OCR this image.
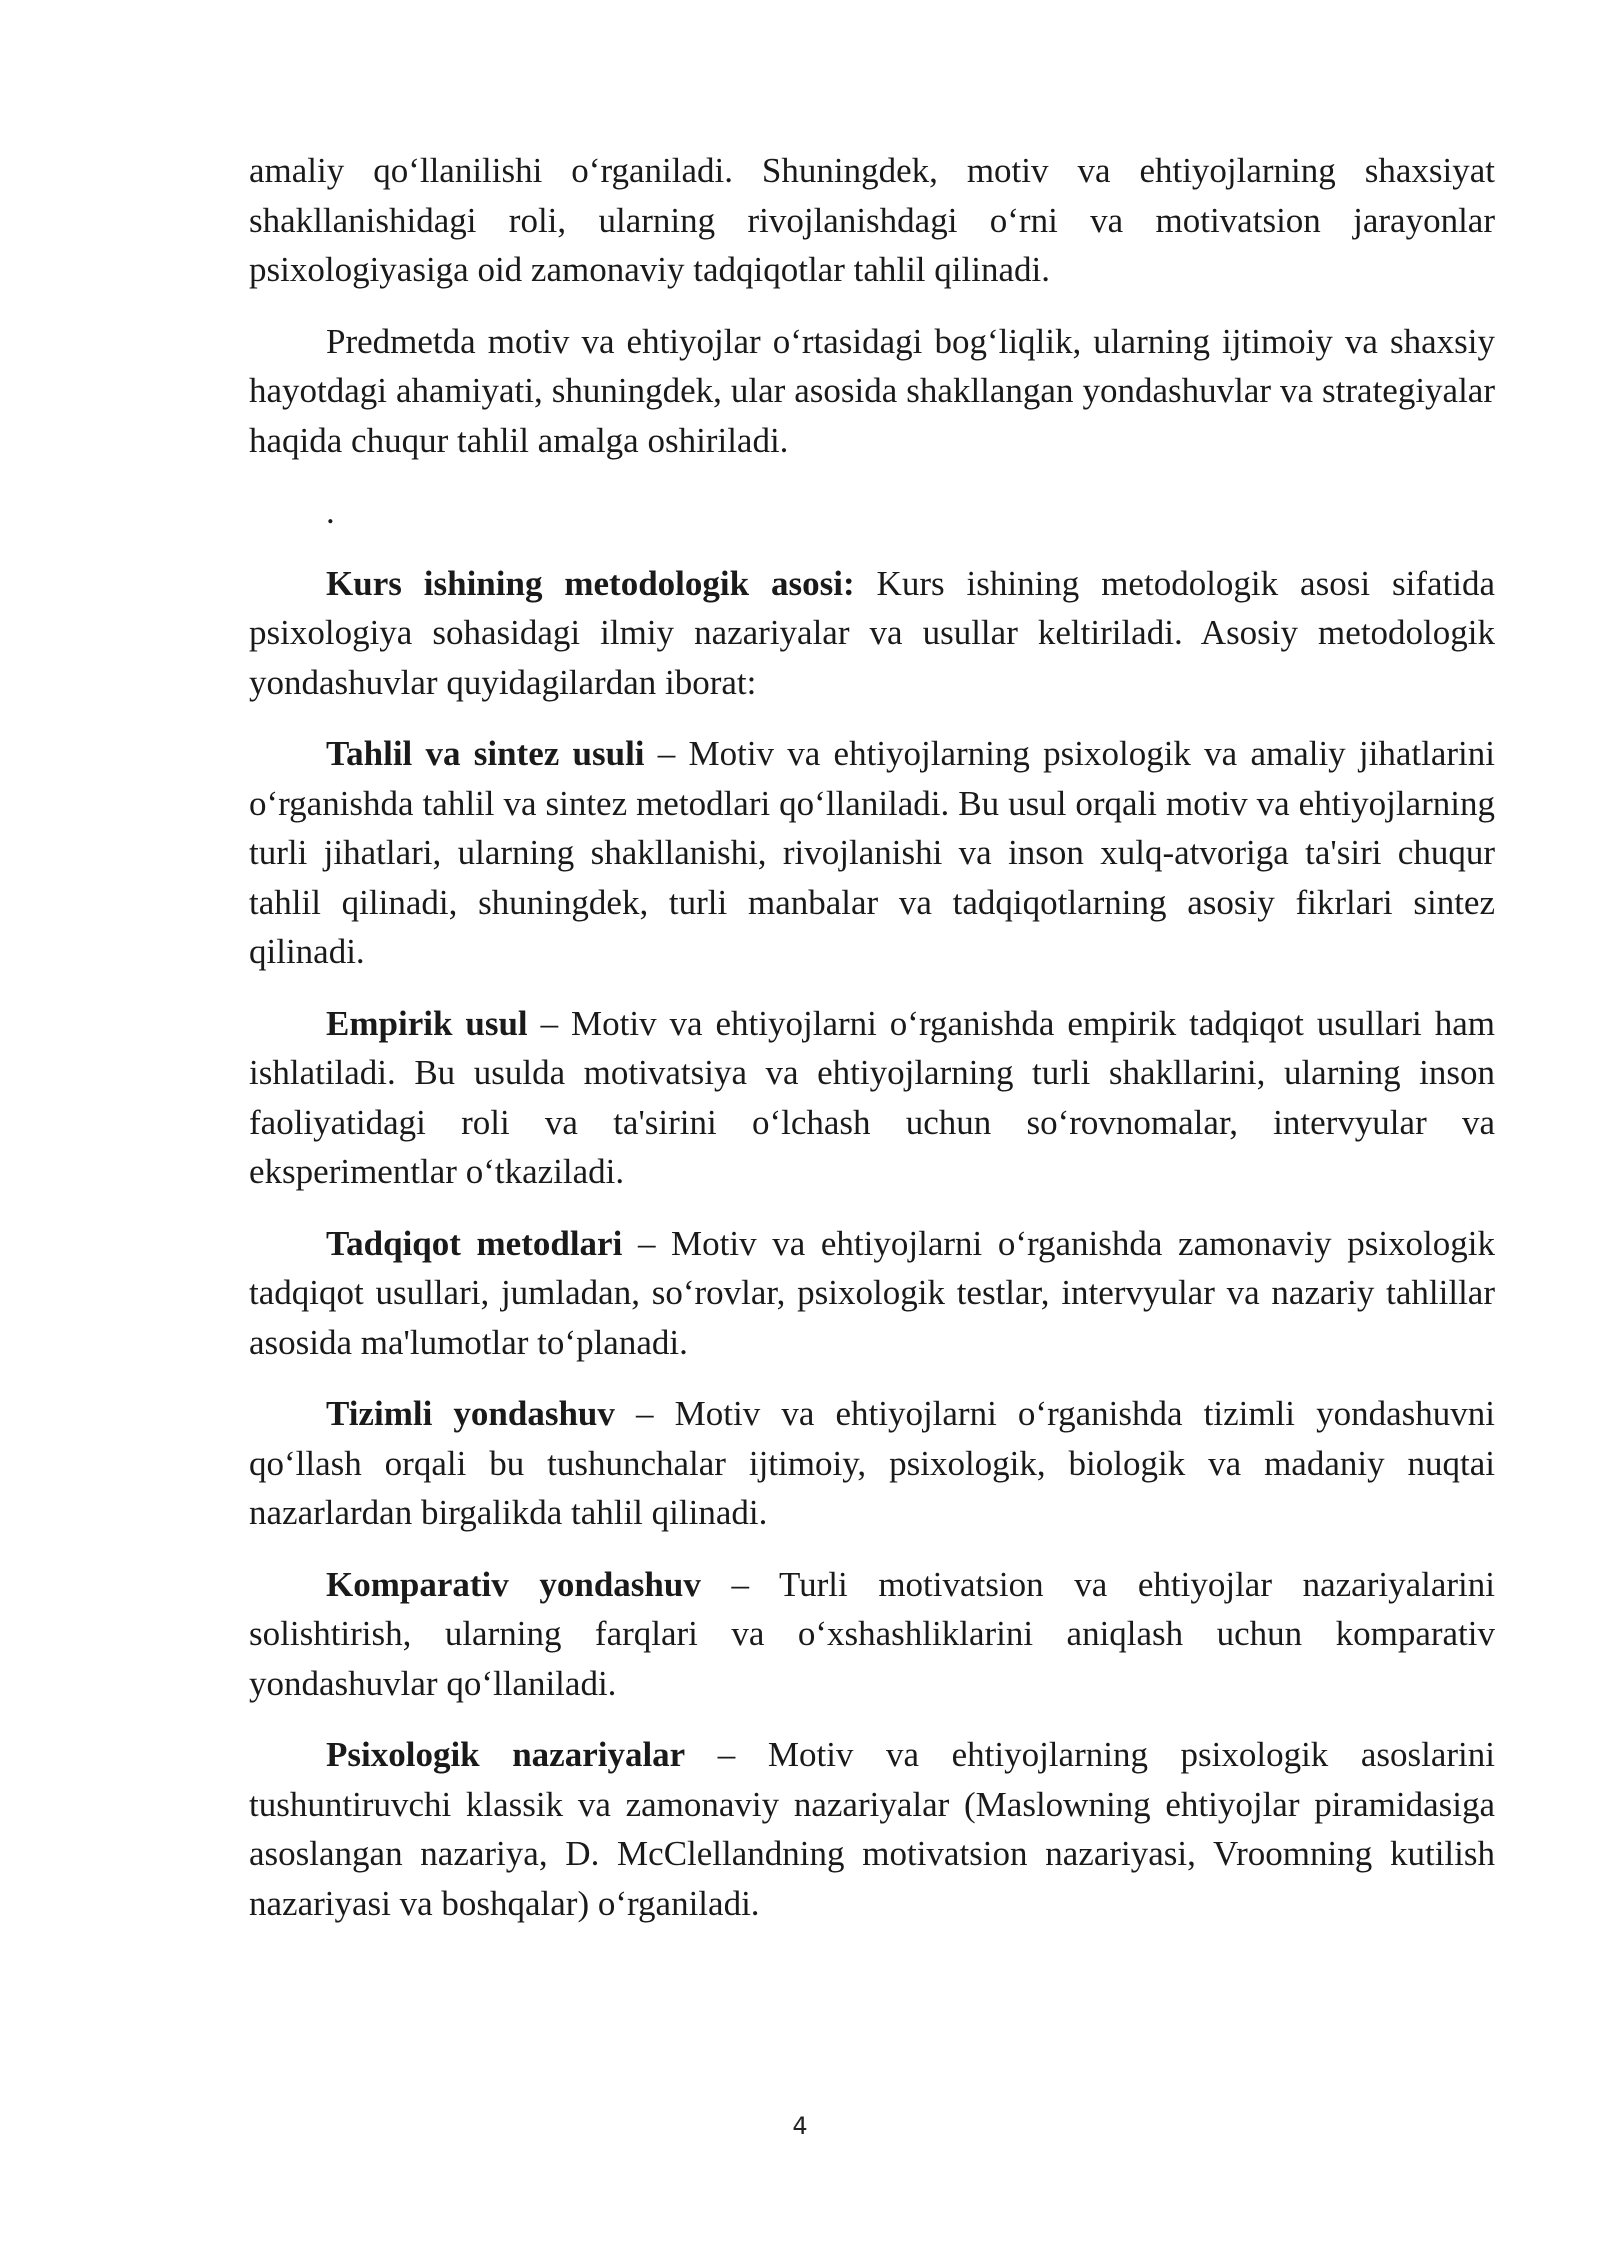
amaliy qo‘llanilishi o‘rganiladi. Shuningdek, motiv va ehtiyojlarning shaxsiyat shakllanishidagi roli, ularning rivojlanishdagi o‘rni va motivatsion jarayonlar psixologiyasiga oid zamonaviy tadqiqotlar tahlil qilinadi.

Predmetda motiv va ehtiyojlar o‘rtasidagi bog‘liqlik, ularning ijtimoiy va shaxsiy hayotdagi ahamiyati, shuningdek, ular asosida shakllangan yondashuvlar va strategiyalar haqida chuqur tahlil amalga oshiriladi.

.

Kurs ishining metodologik asosi: Kurs ishining metodologik asosi sifatida psixologiya sohasidagi ilmiy nazariyalar va usullar keltiriladi. Asosiy metodologik yondashuvlar quyidagilardan iborat:

Tahlil va sintez usuli – Motiv va ehtiyojlarning psixologik va amaliy jihatlarini o‘rganishda tahlil va sintez metodlari qo‘llaniladi. Bu usul orqali motiv va ehtiyojlarning turli jihatlari, ularning shakllanishi, rivojlanishi va inson xulq-atvoriga ta'siri chuqur tahlil qilinadi, shuningdek, turli manbalar va tadqiqotlarning asosiy fikrlari sintez qilinadi.

Empirik usul – Motiv va ehtiyojlarni o‘rganishda empirik tadqiqot usullari ham ishlatiladi. Bu usulda motivatsiya va ehtiyojlarning turli shakllarini, ularning inson faoliyatidagi roli va ta'sirini o‘lchash uchun so‘rovnomalar, intervyular va eksperimentlar o‘tkaziladi.

Tadqiqot metodlari – Motiv va ehtiyojlarni o‘rganishda zamonaviy psixologik tadqiqot usullari, jumladan, so‘rovlar, psixologik testlar, intervyular va nazariy tahlillar asosida ma'lumotlar to‘planadi.

Tizimli yondashuv – Motiv va ehtiyojlarni o‘rganishda tizimli yondashuvni qo‘llash orqali bu tushunchalar ijtimoiy, psixologik, biologik va madaniy nuqtai nazarlardan birgalikda tahlil qilinadi.

Komparativ yondashuv – Turli motivatsion va ehtiyojlar nazariyalarini solishtirish, ularning farqlari va o‘xshashliklarini aniqlash uchun komparativ yondashuvlar qo‘llaniladi.

Psixologik nazariyalar – Motiv va ehtiyojlarning psixologik asoslarini tushuntiruvchi klassik va zamonaviy nazariyalar (Maslowning ehtiyojlar piramidasiga asoslangan nazariya, D. McClellandning motivatsion nazariyasi, Vroomning kutilish nazariyasi va boshqalar) o‘rganiladi.

4
